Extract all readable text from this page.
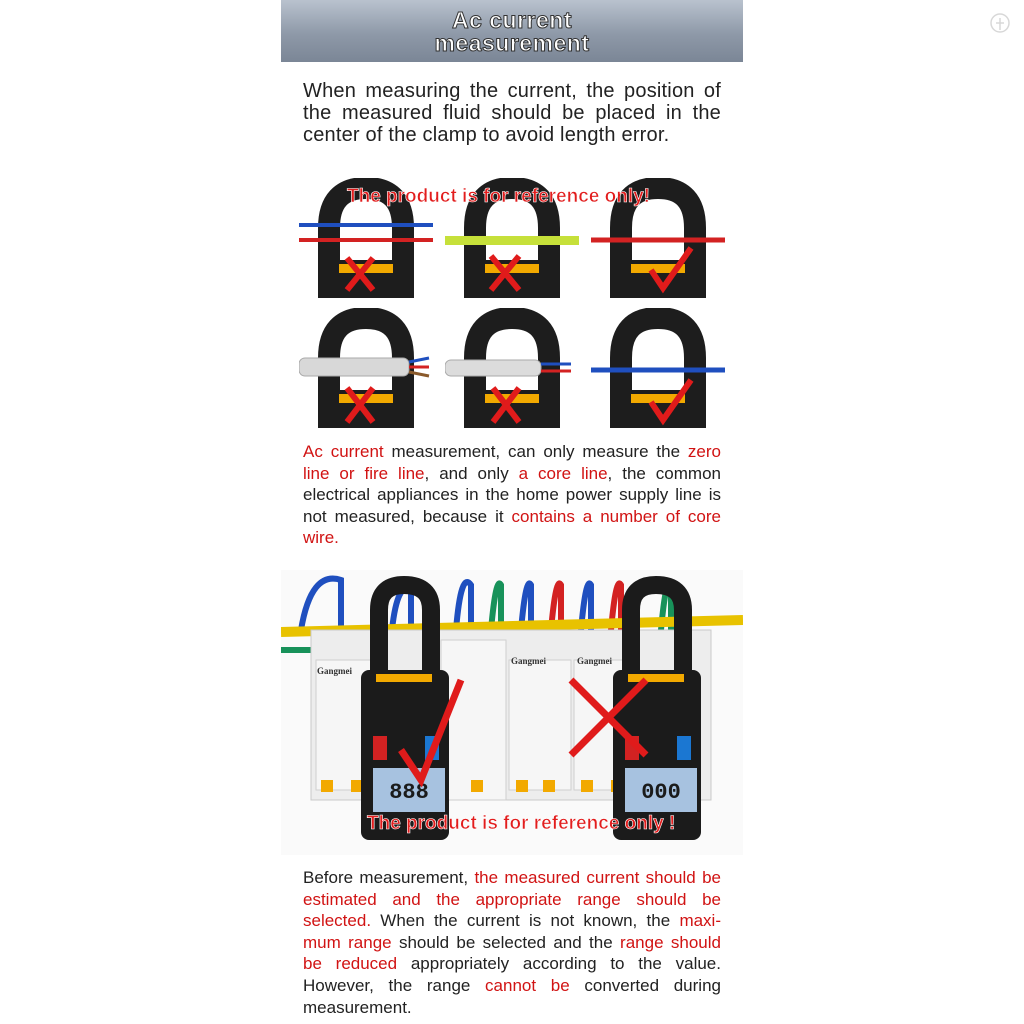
Ac current
measurement
When measuring the current, the position of the measured fluid should be placed in the center of the clamp to avoid length error.
The product is for reference only!
Ac current measurement, can only measure the zero line or fire line, and only a core line, the common electrical appliances in the home power supply line is not measured, because it contains a number of core wire.
Gangmei
Gangmei	Gangmei
888	000
The product is for reference only !
Before measurement, the measured current should be estimated and the appropriate range should be selected. When the current is not known, the maxi-mum range should be selected and the range should be reduced appropriately according to the value. However, the range cannot be converted during measurement.
